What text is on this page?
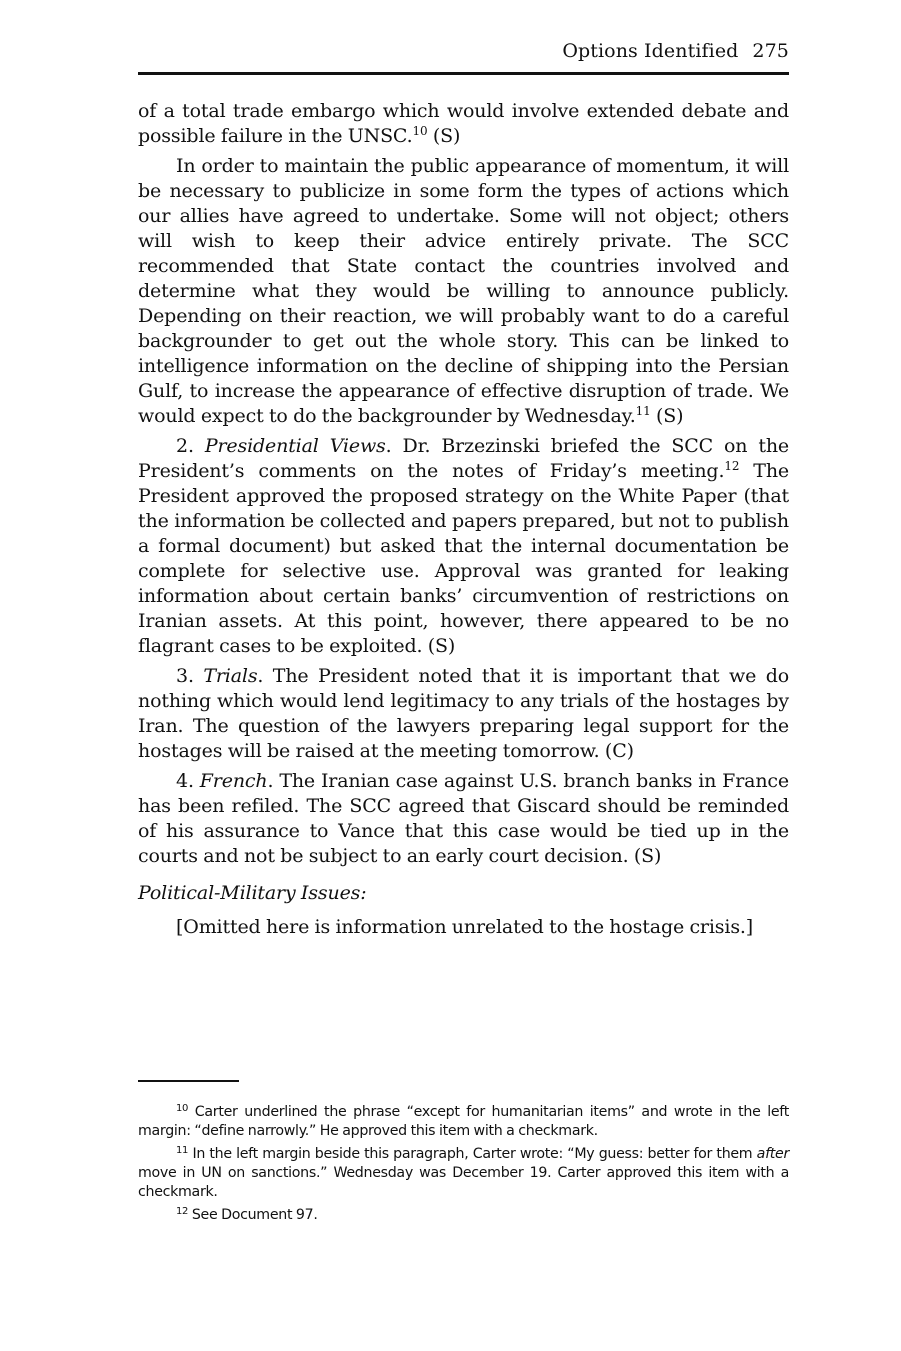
Options Identified 275

of a total trade embargo which would involve extended debate and possible failure in the UNSC.$^{10}$ (S)

In order to maintain the public appearance of momentum, it will be necessary to publicize in some form the types of actions which our allies have agreed to undertake. Some will not object; others will wish to keep their advice entirely private. The SCC recommended that State contact the countries involved and determine what they would be willing to announce publicly. Depending on their reaction, we will probably want to do a careful backgrounder to get out the whole story. This can be linked to intelligence information on the decline of shipping into the Persian Gulf, to increase the appearance of effective disruption of trade. We would expect to do the backgrounder by Wednesday.$^{11}$ (S)

2. Presidential Views. Dr. Brzezinski briefed the SCC on the President’s comments on the notes of Friday’s meeting.$^{12}$ The President approved the proposed strategy on the White Paper (that the information be collected and papers prepared, but not to publish a formal document) but asked that the internal documentation be complete for selective use. Approval was granted for leaking information about certain banks’ circumvention of restrictions on Iranian assets. At this point, however, there appeared to be no flagrant cases to be exploited. (S)

3. Trials. The President noted that it is important that we do nothing which would lend legitimacy to any trials of the hostages by Iran. The question of the lawyers preparing legal support for the hostages will be raised at the meeting tomorrow. (C)

4. French. The Iranian case against U.S. branch banks in France has been refiled. The SCC agreed that Giscard should be reminded of his assurance to Vance that this case would be tied up in the courts and not be subject to an early court decision. (S)

Political-Military Issues:

[Omitted here is information unrelated to the hostage crisis.]

$^{10}$ Carter underlined the phrase “except for humanitarian items” and wrote in the left margin: “define narrowly.” He approved this item with a checkmark.

$^{11}$ In the left margin beside this paragraph, Carter wrote: “My guess: better for them after move in UN on sanctions.” Wednesday was December 19. Carter approved this item with a checkmark.

$^{12}$ See Document 97.
